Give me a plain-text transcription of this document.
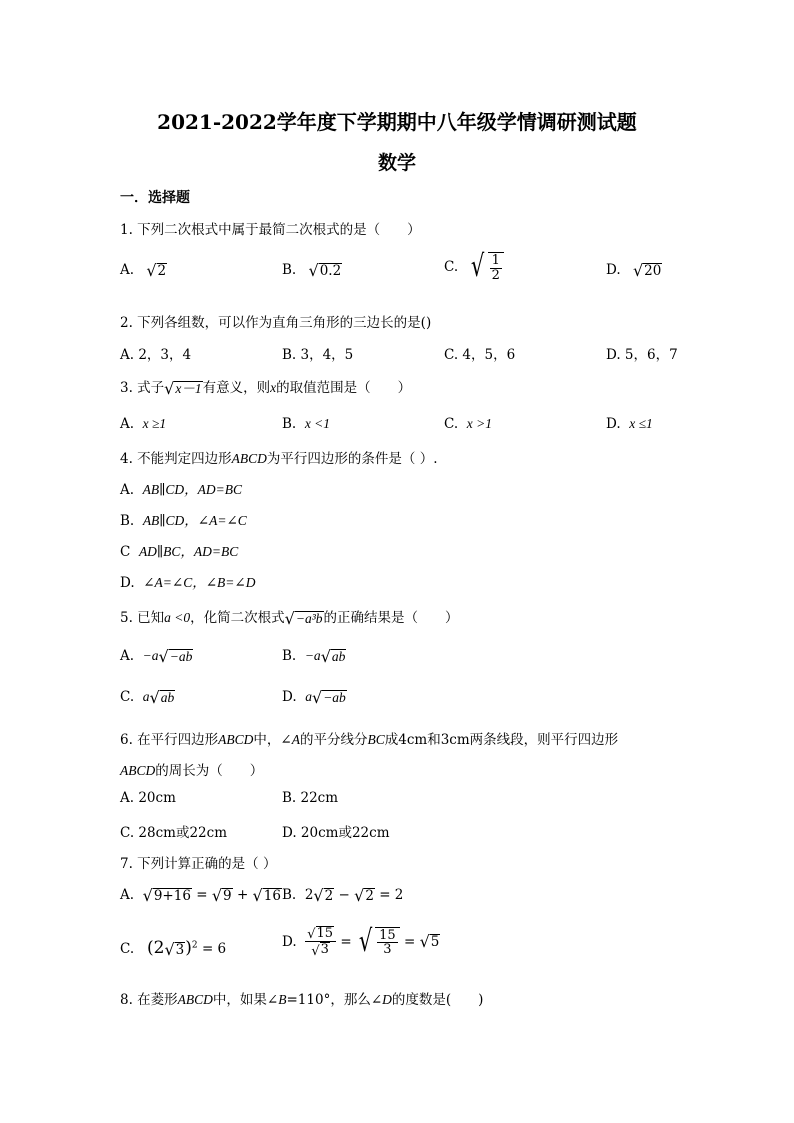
2021-2022学年度下学期期中八年级学情调研测试题
数学
一．选择题
1. 下列二次根式中属于最简二次根式的是（　　）
A. √ 2	B. √ 0.2	C. √ $\frac{1}{2}$	D. √ 20
2. 下列各组数，可以作为直角三角形的三边长的是()
A. 2，3，4	B. 3，4，5	C. 4，5，6	D. 5，6，7
3. 式子 √ x－1 有意义，则x的取值范围是（　　）
A. x ≥1	B. x <1	C. x >1	D. x ≤1
4. 不能判定四边形ABCD为平行四边形的条件是（ ）.
A. AB∥CD，AD=BC
B. AB∥CD，∠A=∠C
C AD∥BC，AD=BC
D. ∠A=∠C，∠B=∠D
5. 已知a <0，化简二次根式 √ −a³b 的正确结果是（　　）
A. −a √ −ab	B. −a √ ab
C. a √ ab	D. a √ −ab
6. 在平行四边形ABCD中，∠A的平分线分BC成4cm和3cm两条线段，则平行四边形
ABCD的周长为（　　）
A. 20cm	B. 22cm
C. 28cm或22cm	D. 20cm或22cm
7. 下列计算正确的是（ ）
A. √ 9+16 = √ 9 + √ 16 B. 2 √ 2 − √ 2 = 2
C. (2 √ 3 )$^2$ = 6	D. $\frac{√ 15}{√ 3}$ = √ $\frac{15}{3}$ = √ 5
8. 在菱形ABCD中，如果∠B=110°，那么∠D的度数是(　　)
